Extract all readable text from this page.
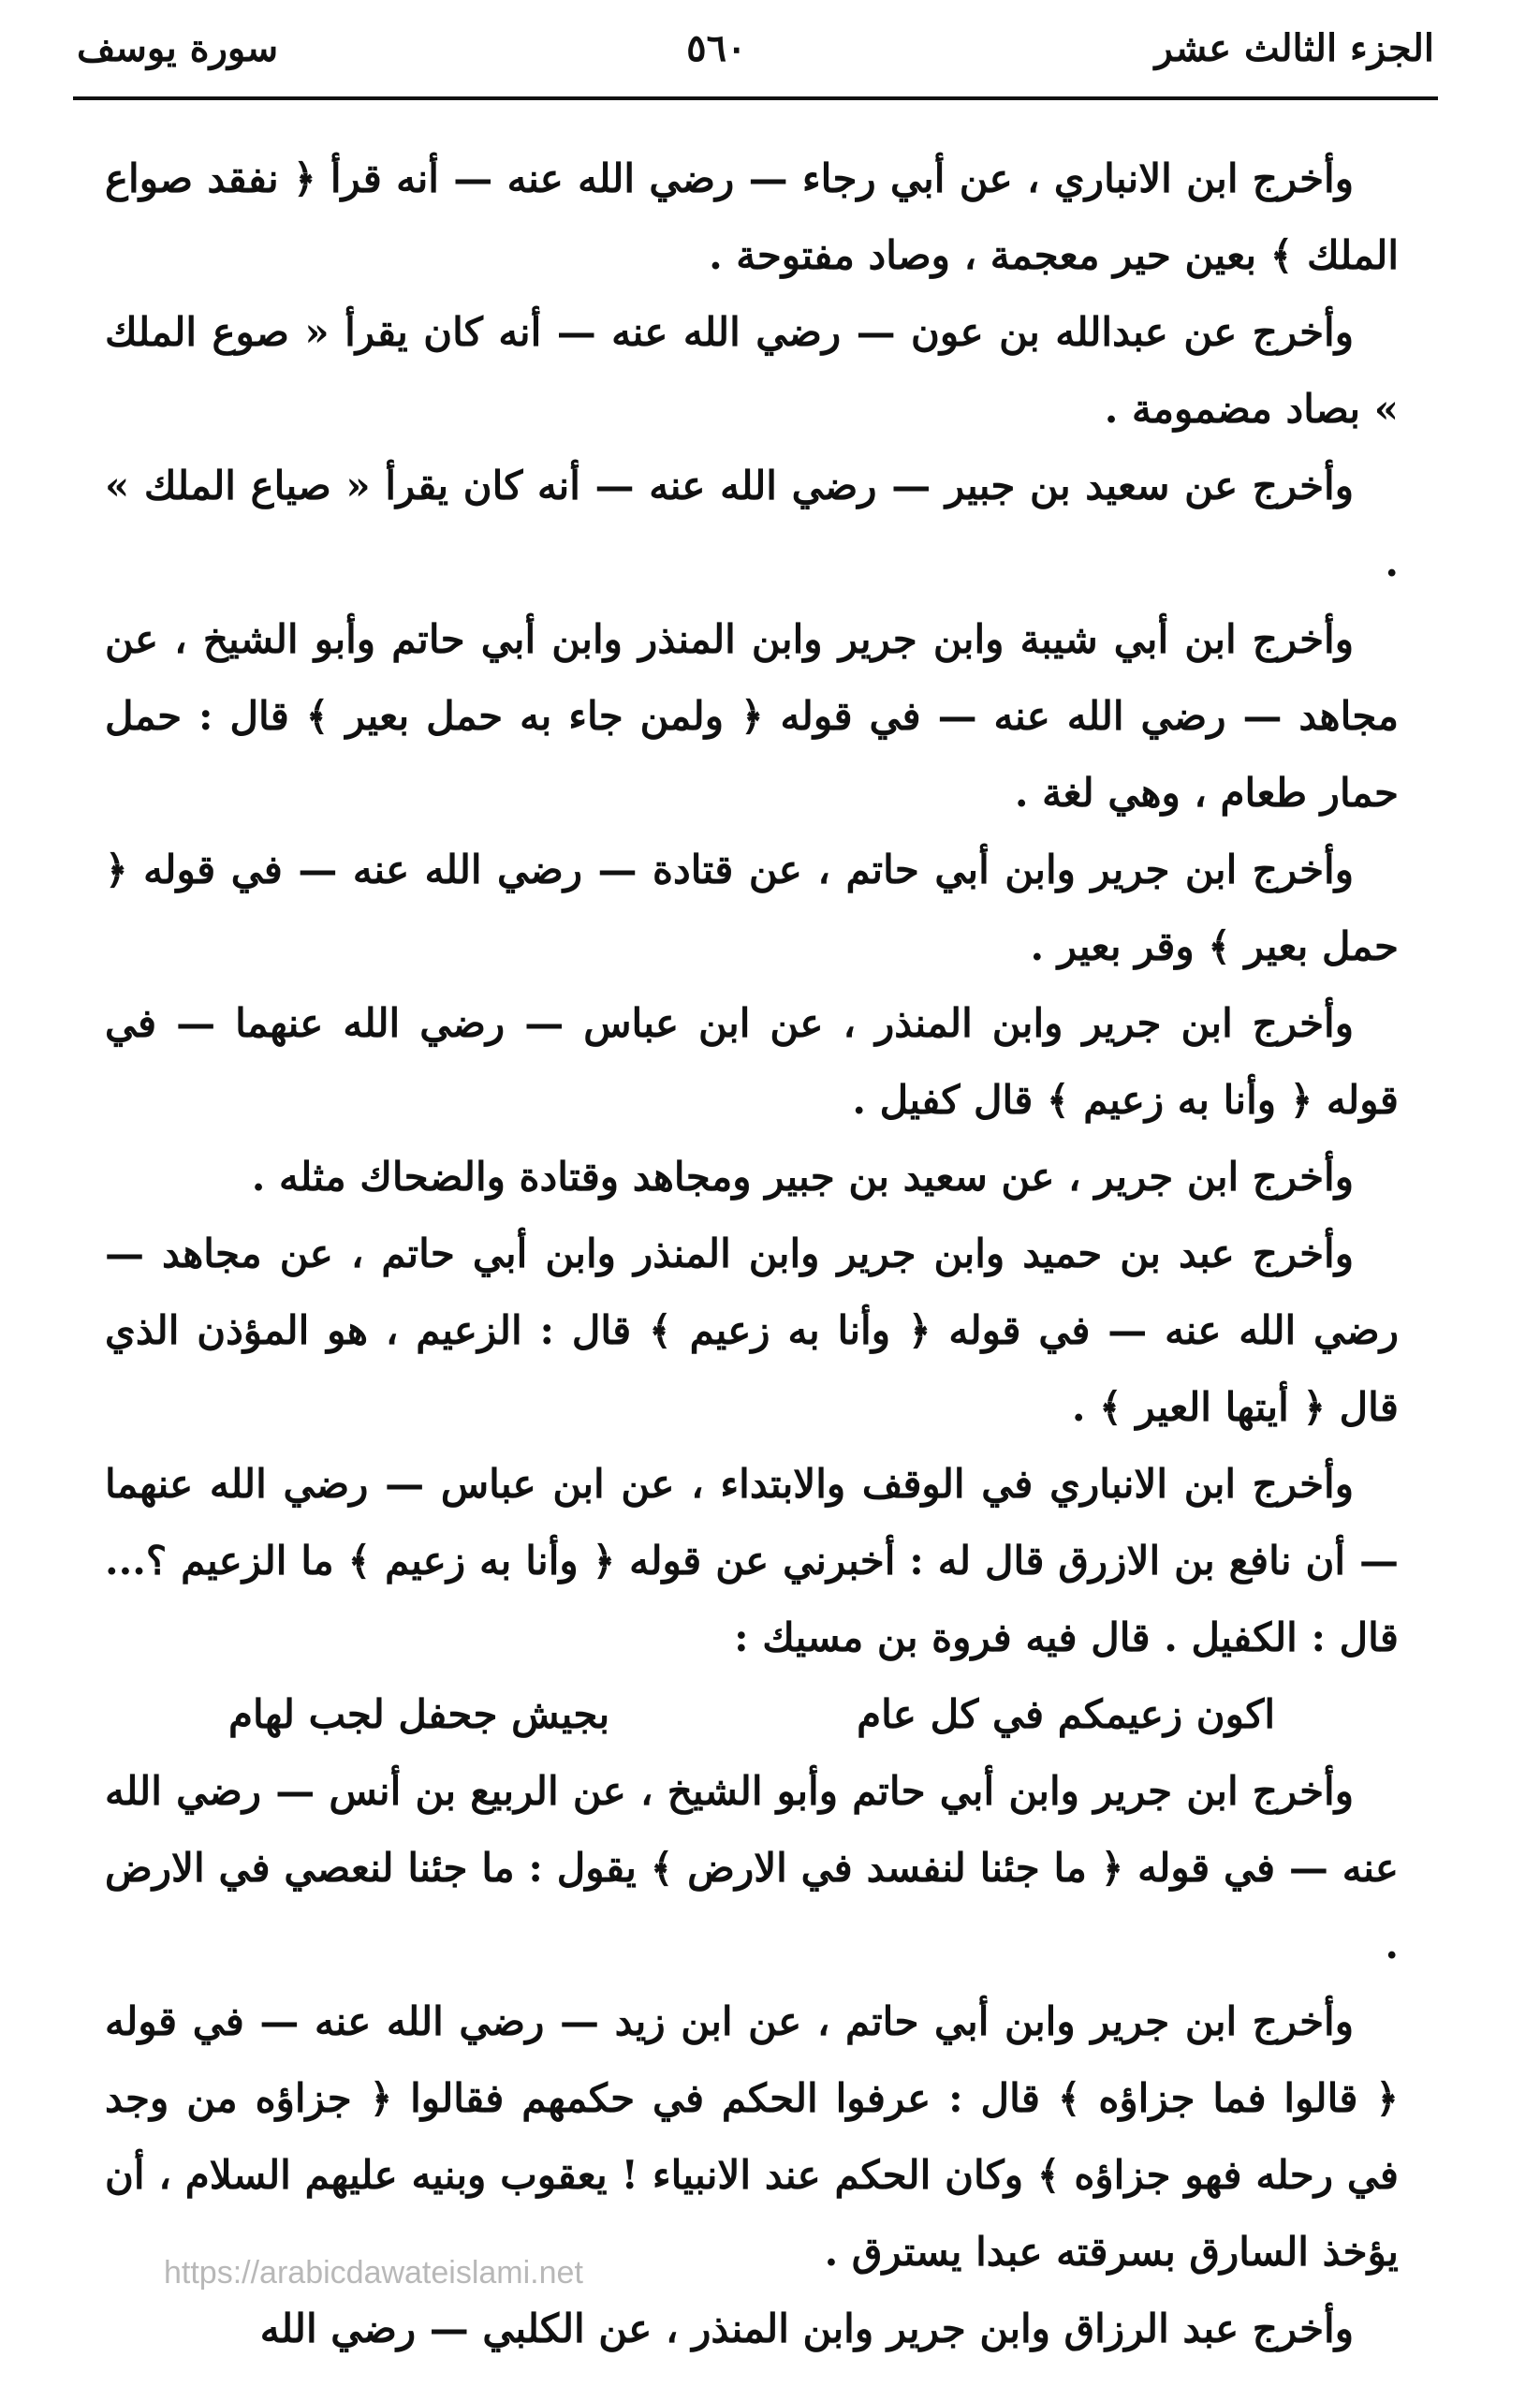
الجزء الثالث عشر
٥٦٠
سورة يوسف

وأخرج ابن الانباري ، عن أبي رجاء — رضي الله عنه — أنه قرأ ﴿ نفقد صواع الملك ﴾ بعين حير معجمة ، وصاد مفتوحة .

وأخرج عن عبدالله بن عون — رضي الله عنه — أنه كان يقرأ « صوع الملك » بصاد مضمومة .

وأخرج عن سعيد بن جبير — رضي الله عنه — أنه كان يقرأ « صياع الملك » .

وأخرج ابن أبي شيبة وابن جرير وابن المنذر وابن أبي حاتم وأبو الشيخ ، عن مجاهد — رضي الله عنه — في قوله ﴿ ولمن جاء به حمل بعير ﴾ قال : حمل حمار طعام ، وهي لغة .

وأخرج ابن جرير وابن أبي حاتم ، عن قتادة — رضي الله عنه — في قوله ﴿ حمل بعير ﴾ وقر بعير .

وأخرج ابن جرير وابن المنذر ، عن ابن عباس — رضي الله عنهما — في قوله ﴿ وأنا به زعيم ﴾ قال كفيل .

وأخرج ابن جرير ، عن سعيد بن جبير ومجاهد وقتادة والضحاك مثله .

وأخرج عبد بن حميد وابن جرير وابن المنذر وابن أبي حاتم ، عن مجاهد — رضي الله عنه — في قوله ﴿ وأنا به زعيم ﴾ قال : الزعيم ، هو المؤذن الذي قال ﴿ أيتها العير ﴾ .

وأخرج ابن الانباري في الوقف والابتداء ، عن ابن عباس — رضي الله عنهما — أن نافع بن الازرق قال له : أخبرني عن قوله ﴿ وأنا به زعيم ﴾ ما الزعيم ؟... قال : الكفيل . قال فيه فروة بن مسيك :

اكون زعيمكم في كل عام
بجيش جحفل لجب لهام

وأخرج ابن جرير وابن أبي حاتم وأبو الشيخ ، عن الربيع بن أنس — رضي الله عنه — في قوله ﴿ ما جئنا لنفسد في الارض ﴾ يقول : ما جئنا لنعصي في الارض .

وأخرج ابن جرير وابن أبي حاتم ، عن ابن زيد — رضي الله عنه — في قوله ﴿ قالوا فما جزاؤه ﴾ قال : عرفوا الحكم في حكمهم فقالوا ﴿ جزاؤه من وجد في رحله فهو جزاؤه ﴾ وكان الحكم عند الانبياء ! يعقوب وبنيه عليهم السلام ، أن يؤخذ السارق بسرقته عبدا يسترق .

وأخرج عبد الرزاق وابن جرير وابن المنذر ، عن الكلبي — رضي الله

https://arabicdawateislami.net
